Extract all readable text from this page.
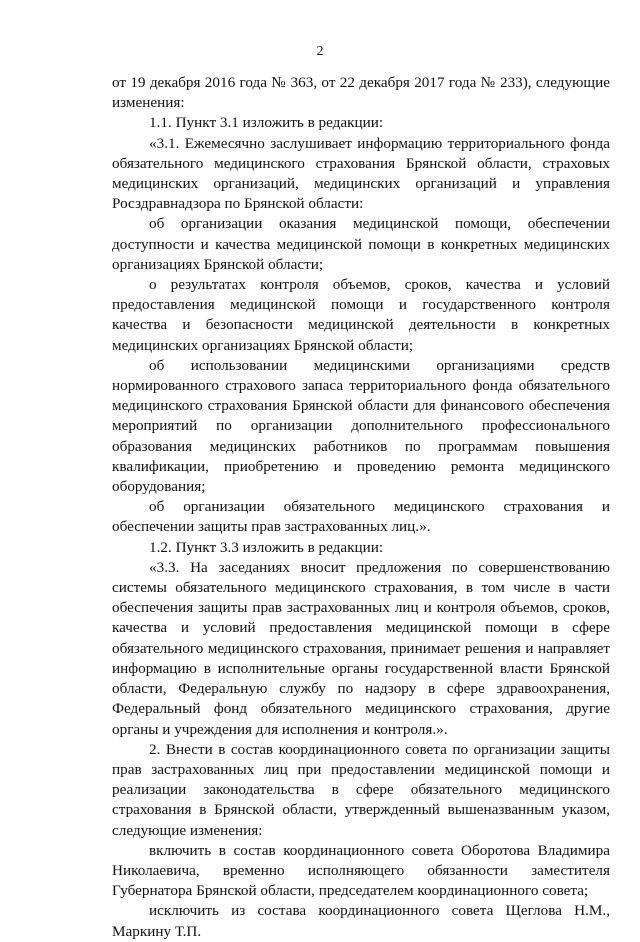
2

от 19 декабря 2016 года № 363, от 22 декабря 2017 года № 233), следующие изменения:

1.1. Пункт 3.1 изложить в редакции:

«3.1. Ежемесячно заслушивает информацию территориального фонда обязательного медицинского страхования Брянской области, страховых медицинских организаций, медицинских организаций и управления Росздравнадзора по Брянской области:

об организации оказания медицинской помощи, обеспечении доступности и качества медицинской помощи в конкретных медицинских организациях Брянской области;

о результатах контроля объемов, сроков, качества и условий предоставления медицинской помощи и государственного контроля качества и безопасности медицинской деятельности в конкретных медицинских организациях Брянской области;

об использовании медицинскими организациями средств нормированного страхового запаса территориального фонда обязательного медицинского страхования Брянской области для финансового обеспечения мероприятий по организации дополнительного профессионального образования медицинских работников по программам повышения квалификации, приобретению и проведению ремонта медицинского оборудования;

об организации обязательного медицинского страхования и обеспечении защиты прав застрахованных лиц.».

1.2. Пункт 3.3 изложить в редакции:

«3.3. На заседаниях вносит предложения по совершенствованию системы обязательного медицинского страхования, в том числе в части обеспечения защиты прав застрахованных лиц и контроля объемов, сроков, качества и условий предоставления медицинской помощи в сфере обязательного медицинского страхования, принимает решения и направляет информацию в исполнительные органы государственной власти Брянской области, Федеральную службу по надзору в сфере здравоохранения, Федеральный фонд обязательного медицинского страхования, другие органы и учреждения для исполнения и контроля.».

2. Внести в состав координационного совета по организации защиты прав застрахованных лиц при предоставлении медицинской помощи и реализации законодательства в сфере обязательного медицинского страхования в Брянской области, утвержденный вышеназванным указом, следующие изменения:

включить в состав координационного совета Оборотова Владимира Николаевича, временно исполняющего обязанности заместителя Губернатора Брянской области, председателем координационного совета;

исключить из состава координационного совета Щеглова Н.М., Маркину Т.П.
